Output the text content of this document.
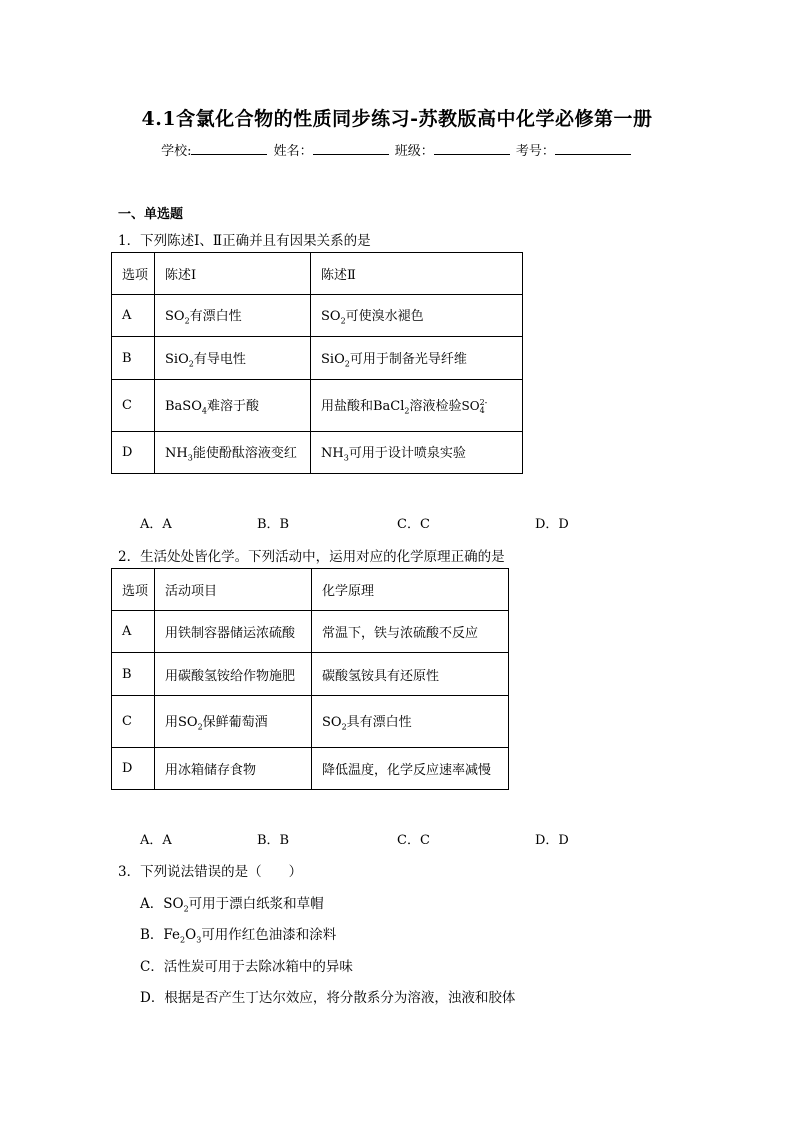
4.1含氯化合物的性质同步练习-苏教版高中化学必修第一册
学校:	姓名：	班级：	考号：
一、单选题
1．下列陈述Ⅰ、Ⅱ正确并且有因果关系的是
选项	陈述Ⅰ	陈述Ⅱ
A	$SO_2$有漂白性	$SO_2$可使溴水褪色
B	SiO$_2$有导电性	SiO$_2$可用于制备光导纤维
C	BaSO$_4$难溶于酸	用盐酸和BaCl$_2$溶液检验SO 2-
4

D	$NH_3$能使酚酞溶液变红	$NH_3$可用于设计喷泉实验
A．A	B．B	C．C	D．D
2．生活处处皆化学。下列活动中，运用对应的化学原理正确的是
选项	活动项目	化学原理
A	用铁制容器储运浓硫酸	常温下，铁与浓硫酸不反应
B	用碳酸氢铵给作物施肥	碳酸氢铵具有还原性
C	用$SO_2$保鲜葡萄酒	$SO_2$具有漂白性
D	用冰箱储存食物	降低温度，化学反应速率减慢
A．A	B．B	C．C	D．D
3．下列说法错误的是（　　）
A．$SO_2$可用于漂白纸浆和草帽
B．$Fe_2O_3$可用作红色油漆和涂料
C．活性炭可用于去除冰箱中的异味
D．根据是否产生丁达尔效应，将分散系分为溶液，浊液和胶体
